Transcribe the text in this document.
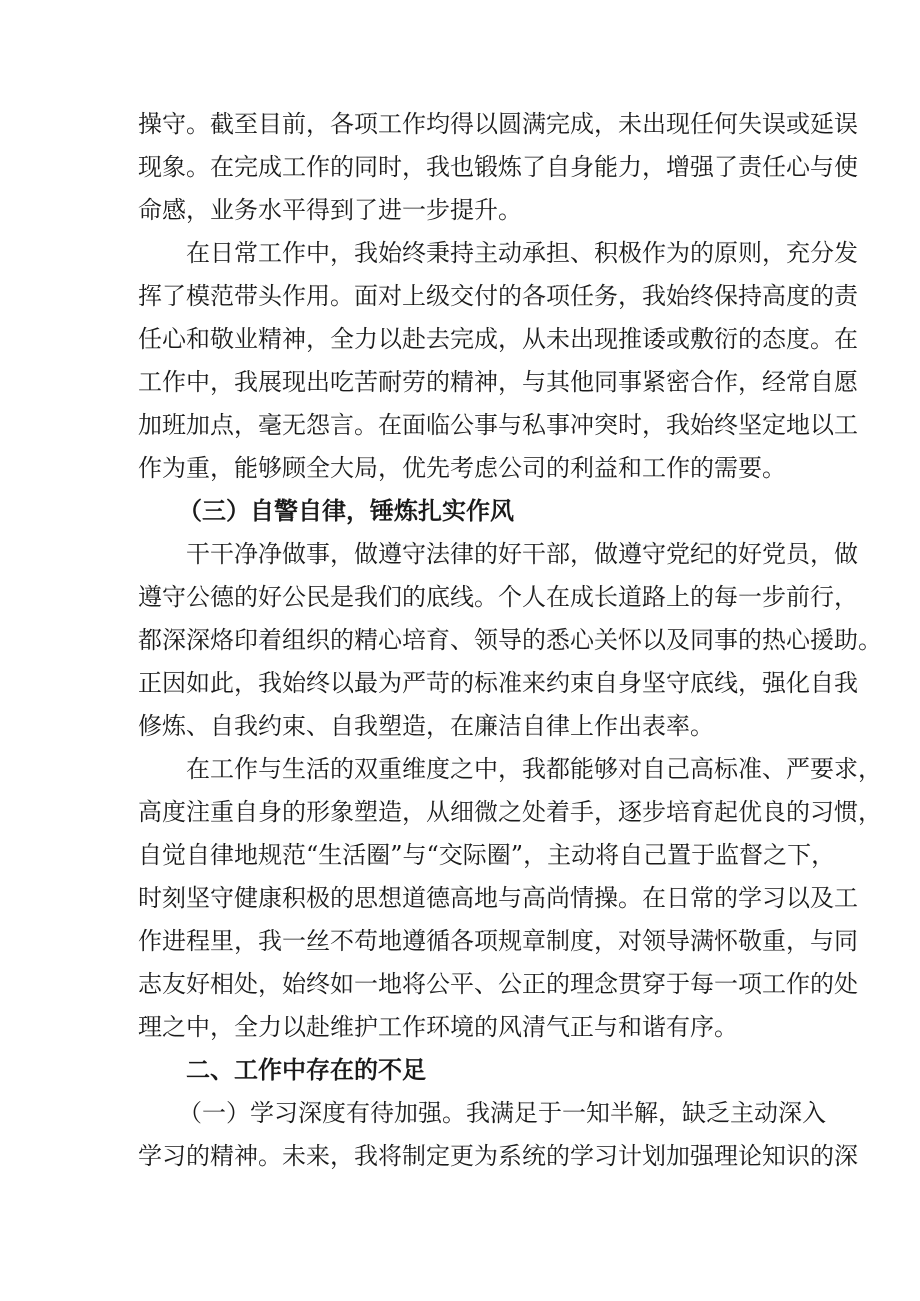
操守。截至目前，各项工作均得以圆满完成，未出现任何失误或延误
现象。在完成工作的同时，我也锻炼了自身能力，增强了责任心与使
命感，业务水平得到了进一步提升。
在日常工作中，我始终秉持主动承担、积极作为的原则，充分发
挥了模范带头作用。面对上级交付的各项任务，我始终保持高度的责
任心和敬业精神，全力以赴去完成，从未出现推诿或敷衍的态度。在
工作中，我展现出吃苦耐劳的精神，与其他同事紧密合作，经常自愿
加班加点，毫无怨言。在面临公事与私事冲突时，我始终坚定地以工
作为重，能够顾全大局，优先考虑公司的利益和工作的需要。
（三）自警自律，锤炼扎实作风
干干净净做事，做遵守法律的好干部，做遵守党纪的好党员，做
遵守公德的好公民是我们的底线。个人在成长道路上的每一步前行，
都深深烙印着组织的精心培育、领导的悉心关怀以及同事的热心援助。
正因如此，我始终以最为严苛的标准来约束自身坚守底线，强化自我
修炼、自我约束、自我塑造，在廉洁自律上作出表率。
在工作与生活的双重维度之中，我都能够对自己高标准、严要求，
高度注重自身的形象塑造，从细微之处着手，逐步培育起优良的习惯，
自觉自律地规范“生活圈”与“交际圈”，主动将自己置于监督之下，
时刻坚守健康积极的思想道德高地与高尚情操。在日常的学习以及工
作进程里，我一丝不苟地遵循各项规章制度，对领导满怀敬重，与同
志友好相处，始终如一地将公平、公正的理念贯穿于每一项工作的处
理之中，全力以赴维护工作环境的风清气正与和谐有序。
二、工作中存在的不足
（一）学习深度有待加强。我满足于一知半解，缺乏主动深入
学习的精神。未来，我将制定更为系统的学习计划加强理论知识的深
